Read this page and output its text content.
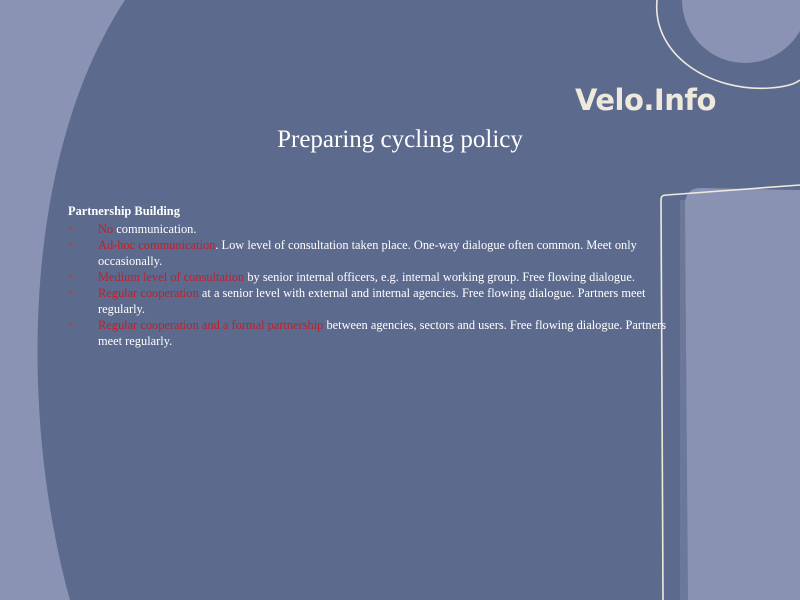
Velo.Info
Preparing cycling policy

Partnership Building

• No communication.
• Ad-hoc communication. Low level of consultation taken place. One-way dialogue often common. Meet only occasionally.
• Medium level of consultation by senior internal officers, e.g. internal working group. Free flowing dialogue.
• Regular cooperation at a senior level with external and internal agencies. Free flowing dialogue. Partners meet regularly.
• Regular cooperation and a formal partnership between agencies, sectors and users. Free flowing dialogue. Partners meet regularly.
